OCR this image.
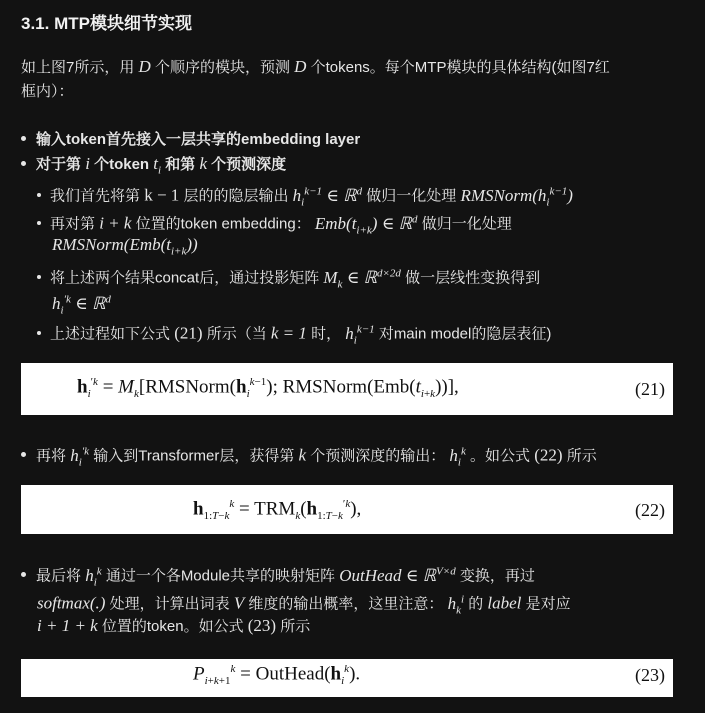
3.1. MTP模块细节实现
如上图7所示，用 D 个顺序的模块，预测 D 个tokens。每个MTP模块的具体结构(如图7红
框内）：
输入token首先接入一层共享的embedding layer
对于第 i 个token $t_i$ 和第 k 个预测深度
我们首先将第 k − 1 层的的隐层输出 $h_i^{k-1}$ ∈ ℝ$^d$ 做归一化处理 $RMSNorm(h_i^{k-1})$
再对第 i + k 位置的token embedding： $Emb(t_{i+k})$ ∈ ℝ$^d$ 做归一化处理
$RMSNorm(Emb(t_{i+k}))$
将上述两个结果concat后，通过投影矩阵 $M_k$ ∈ ℝ$^{d\times 2d}$ 做一层线性变换得到
$h_i^{'k}$ ∈ ℝ$^d$
上述过程如下公式 (21) 所示（当 k = 1 时， $h_i^{k-1}$ 对main model的隐层表征)
$h_i^{'k}$ = $M_k[RMSNorm(h_i^{k-1})$; $RMSNorm(Emb(t_{i+k}))$],	(21)
再将 $h_i^{'k}$ 输入到Transformer层，获得第 k 个预测深度的输出： $h_i^k$ 。如公式 (22) 所示
$h_{1:T-k}^k = TRM_k(h_{1:T-k}^{'k})$,	(22)
最后将 $h_i^k$ 通过一个各Module共享的映射矩阵 OutHead ∈ ℝ$^{V\times d}$ 变换，再过
softmax(.) 处理，计算出词表 V 维度的输出概率，这里注意： $h_k^i$ 的 label 是对应
i + 1 + k 位置的token。如公式 (23) 所示
$P_{i+k+1}^k$ = $OutHead(h_i^k)$.	(23)
